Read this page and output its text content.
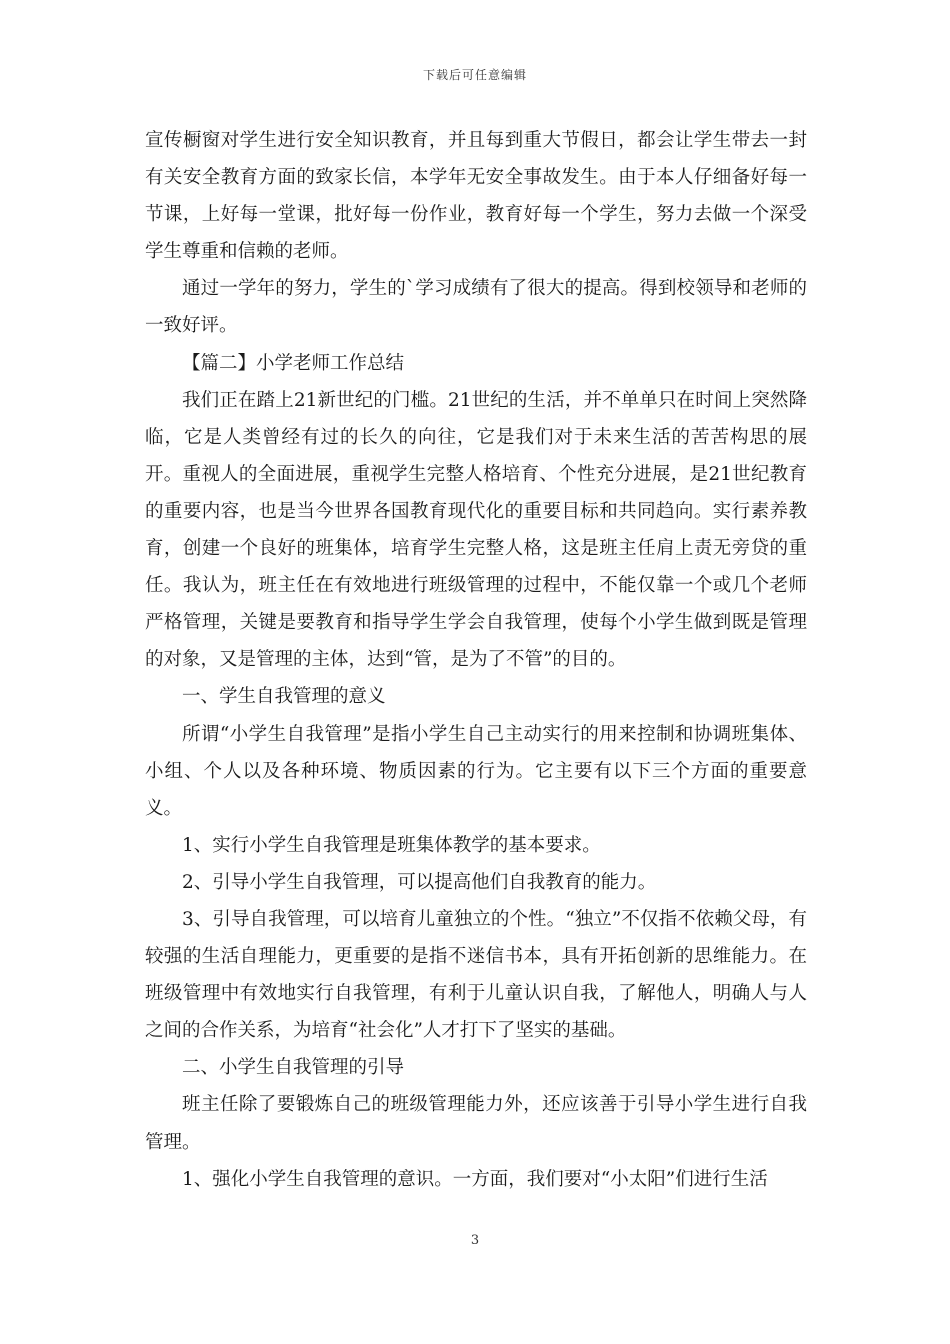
下载后可任意编辑

宣传橱窗对学生进行安全知识教育，并且每到重大节假日，都会让学生带去一封有关安全教育方面的致家长信，本学年无安全事故发生。由于本人仔细备好每一节课，上好每一堂课，批好每一份作业，教育好每一个学生，努力去做一个深受学生尊重和信赖的老师。

通过一学年的努力，学生的`学习成绩有了很大的提高。得到校领导和老师的一致好评。

【篇二】小学老师工作总结

我们正在踏上21新世纪的门槛。21世纪的生活，并不单单只在时间上突然降临，它是人类曾经有过的长久的向往，它是我们对于未来生活的苦苦构思的展开。重视人的全面进展，重视学生完整人格培育、个性充分进展，是21世纪教育的重要内容，也是当今世界各国教育现代化的重要目标和共同趋向。实行素养教育，创建一个良好的班集体，培育学生完整人格，这是班主任肩上责无旁贷的重任。我认为，班主任在有效地进行班级管理的过程中，不能仅靠一个或几个老师严格管理，关键是要教育和指导学生学会自我管理，使每个小学生做到既是管理的对象，又是管理的主体，达到“管，是为了不管”的目的。

一、学生自我管理的意义

所谓“小学生自我管理”是指小学生自己主动实行的用来控制和协调班集体、小组、个人以及各种环境、物质因素的行为。它主要有以下三个方面的重要意义。

1、实行小学生自我管理是班集体教学的基本要求。

2、引导小学生自我管理，可以提高他们自我教育的能力。

3、引导自我管理，可以培育儿童独立的个性。“独立”不仅指不依赖父母，有较强的生活自理能力，更重要的是指不迷信书本，具有开拓创新的思维能力。在班级管理中有效地实行自我管理，有利于儿童认识自我，了解他人，明确人与人之间的合作关系，为培育“社会化”人才打下了坚实的基础。

二、小学生自我管理的引导

班主任除了要锻炼自己的班级管理能力外，还应该善于引导小学生进行自我管理。

1、强化小学生自我管理的意识。一方面，我们要对“小太阳”们进行生活

3
